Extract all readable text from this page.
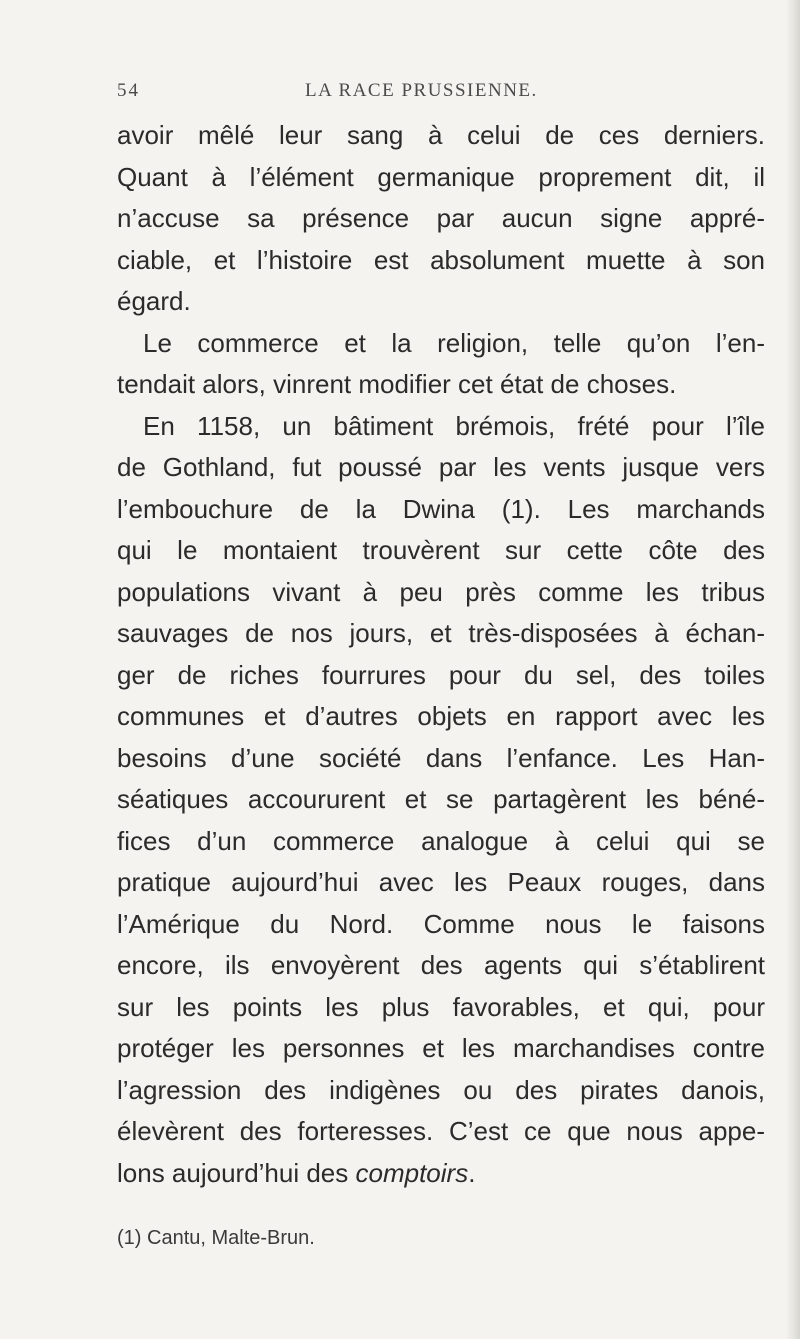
54	LA RACE PRUSSIENNE.
avoir mêlé leur sang à celui de ces derniers.
Quant à l’élément germanique proprement dit, il
n’accuse sa présence par aucun signe appré-
ciable, et l’histoire est absolument muette à son
égard.
Le commerce et la religion, telle qu’on l’en-
tendait alors, vinrent modifier cet état de choses.
En 1158, un bâtiment brémois, frété pour l’île
de Gothland, fut poussé par les vents jusque vers
l’embouchure de la Dwina (1). Les marchands
qui le montaient trouvèrent sur cette côte des
populations vivant à peu près comme les tribus
sauvages de nos jours, et très-disposées à échan-
ger de riches fourrures pour du sel, des toiles
communes et d’autres objets en rapport avec les
besoins d’une société dans l’enfance. Les Han-
séatiques accoururent et se partagèrent les béné-
fices d’un commerce analogue à celui qui se
pratique aujourd’hui avec les Peaux rouges, dans
l’Amérique du Nord. Comme nous le faisons
encore, ils envoyèrent des agents qui s’établirent
sur les points les plus favorables, et qui, pour
protéger les personnes et les marchandises contre
l’agression des indigènes ou des pirates danois,
élevèrent des forteresses. C’est ce que nous appe-
lons aujourd’hui des comptoirs.
(1) Cantu, Malte-Brun.
